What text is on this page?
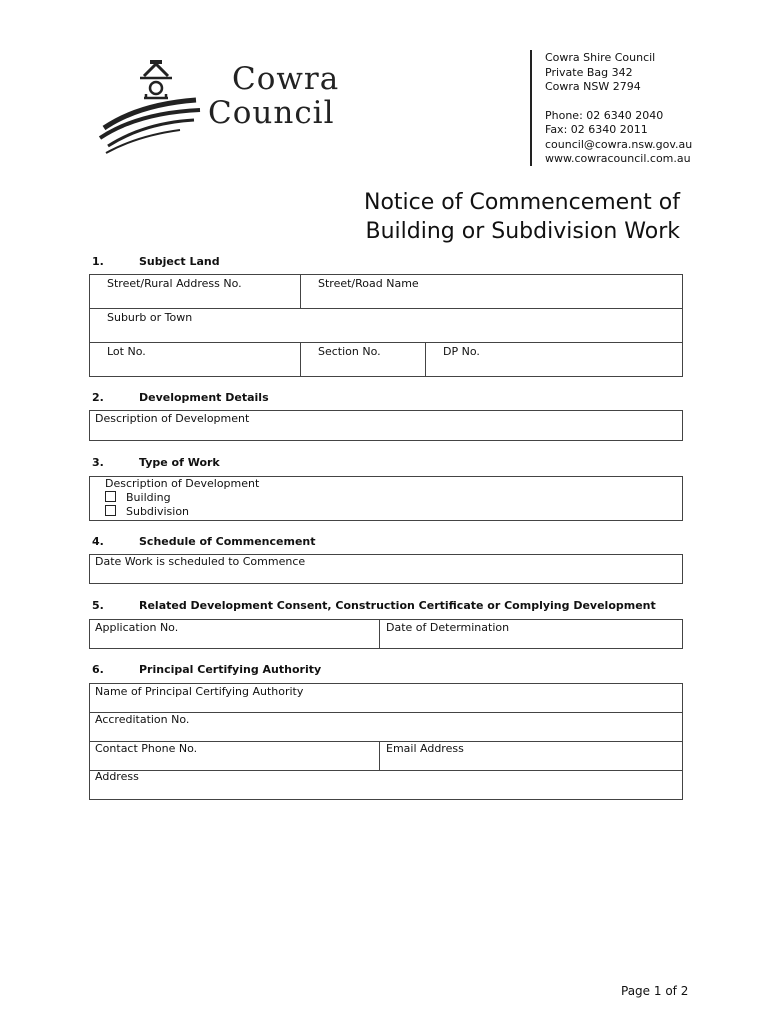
Cowra
Council
Cowra Shire Council
Private Bag 342
Cowra NSW 2794
Phone: 02 6340 2040
Fax: 02 6340 2011
council@cowra.nsw.gov.au
www.cowracouncil.com.au
Notice of Commencement of
Building or Subdivision Work
1.	Subject Land
Street/Rural Address No.	Street/Road Name
Suburb or Town
Lot No.	Section No.	DP No.
2.	Development Details
Description of Development
3.	Type of Work
Description of Development
Building
Subdivision
4.	Schedule of Commencement
Date Work is scheduled to Commence
5.	Related Development Consent, Construction Certificate or Complying Development
Application No.	Date of Determination
6.	Principal Certifying Authority
Name of Principal Certifying Authority
Accreditation No.
Contact Phone No.	Email Address
Address
Page 1 of 2
